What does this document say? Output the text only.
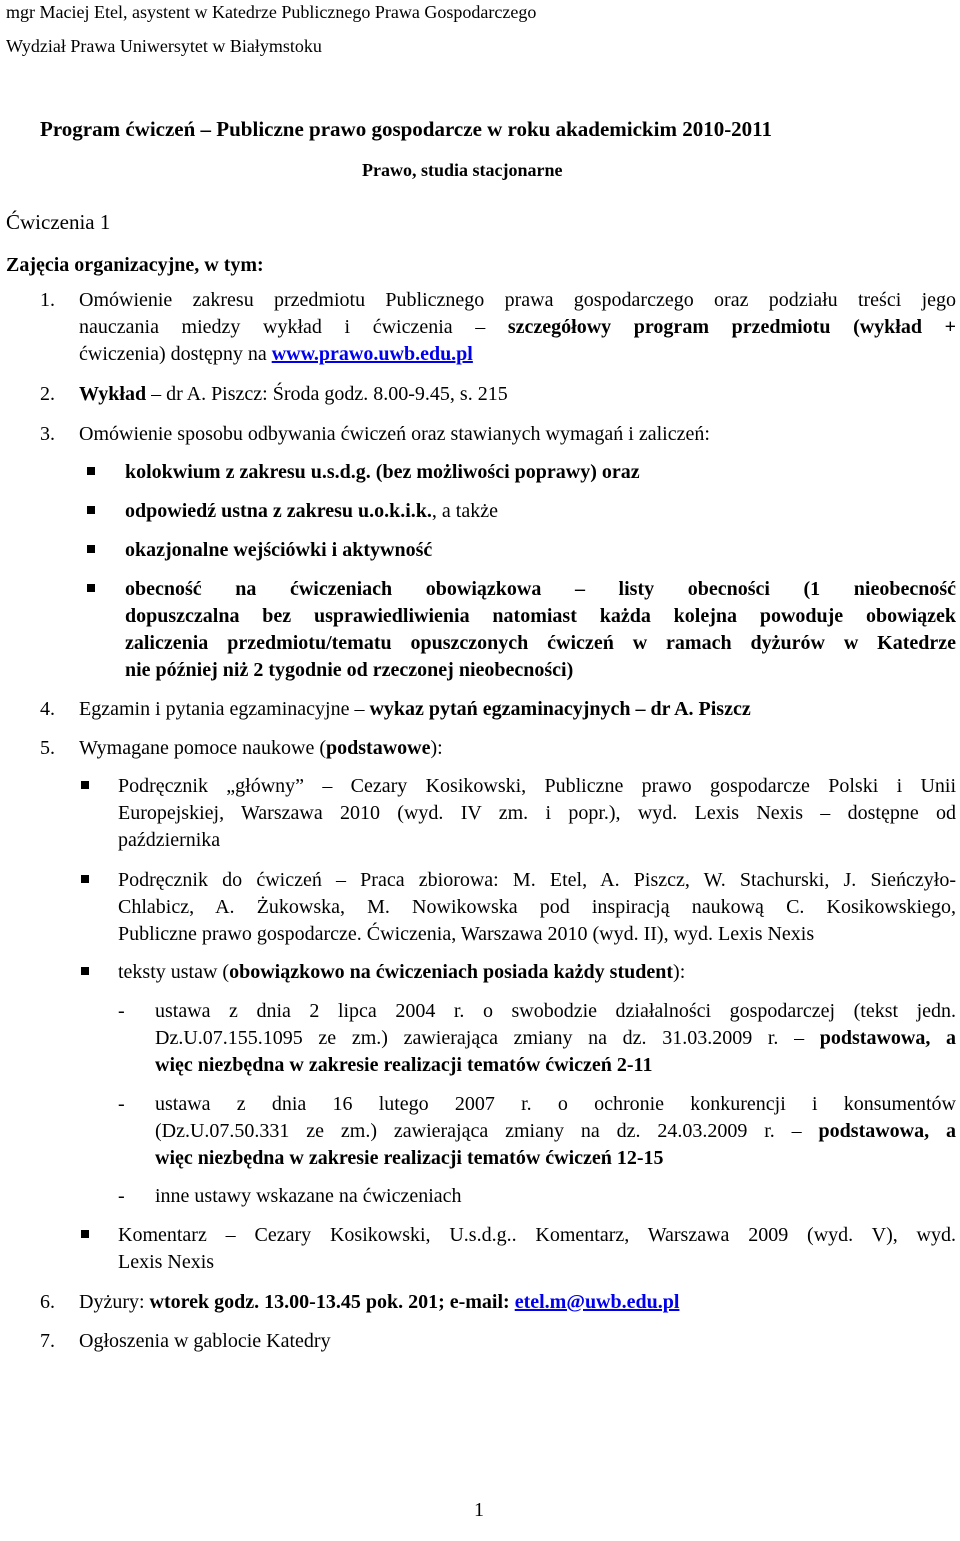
mgr Maciej Etel, asystent w Katedrze Publicznego Prawa Gospodarczego
Wydział Prawa Uniwersytet w Białymstoku
Program ćwiczeń – Publiczne prawo gospodarcze w roku akademickim 2010-2011
Prawo, studia stacjonarne
Ćwiczenia 1
Zajęcia organizacyjne, w tym:
1. Omówienie zakresu przedmiotu Publicznego prawa gospodarczego oraz podziału treści jego
nauczania miedzy wykład i ćwiczenia – szczegółowy program przedmiotu (wykład +
ćwiczenia) dostępny na www.prawo.uwb.edu.pl
2. Wykład – dr A. Piszcz: Środa godz. 8.00-9.45, s. 215
3. Omówienie sposobu odbywania ćwiczeń oraz stawianych wymagań i zaliczeń:
kolokwium z zakresu u.s.d.g. (bez możliwości poprawy) oraz
odpowiedź ustna z zakresu u.o.k.i.k., a także
okazjonalne wejściówki i aktywność
obecność na ćwiczeniach obowiązkowa – listy obecności (1 nieobecność
dopuszczalna bez usprawiedliwienia natomiast każda kolejna powoduje obowiązek
zaliczenia przedmiotu/tematu opuszczonych ćwiczeń w ramach dyżurów w Katedrze
nie później niż 2 tygodnie od rzeczonej nieobecności)
4. Egzamin i pytania egzaminacyjne – wykaz pytań egzaminacyjnych – dr A. Piszcz
5. Wymagane pomoce naukowe (podstawowe):
Podręcznik „główny” – Cezary Kosikowski, Publiczne prawo gospodarcze Polski i Unii
Europejskiej, Warszawa 2010 (wyd. IV zm. i popr.), wyd. Lexis Nexis – dostępne od
października
Podręcznik do ćwiczeń – Praca zbiorowa: M. Etel, A. Piszcz, W. Stachurski, J. Sieńczyło-
Chlabicz, A. Żukowska, M. Nowikowska pod inspiracją naukową C. Kosikowskiego,
Publiczne prawo gospodarcze. Ćwiczenia, Warszawa 2010 (wyd. II), wyd. Lexis Nexis
teksty ustaw (obowiązkowo na ćwiczeniach posiada każdy student):
- ustawa z dnia 2 lipca 2004 r. o swobodzie działalności gospodarczej (tekst jedn.
Dz.U.07.155.1095 ze zm.) zawierająca zmiany na dz. 31.03.2009 r. – podstawowa, a
więc niezbędna w zakresie realizacji tematów ćwiczeń 2-11
- ustawa z dnia 16 lutego 2007 r. o ochronie konkurencji i konsumentów
(Dz.U.07.50.331 ze zm.) zawierająca zmiany na dz. 24.03.2009 r. – podstawowa, a
więc niezbędna w zakresie realizacji tematów ćwiczeń 12-15
- inne ustawy wskazane na ćwiczeniach
Komentarz – Cezary Kosikowski, U.s.d.g.. Komentarz, Warszawa 2009 (wyd. V), wyd.
Lexis Nexis
6. Dyżury: wtorek godz. 13.00-13.45 pok. 201; e-mail: etel.m@uwb.edu.pl
7. Ogłoszenia w gablocie Katedry
1
